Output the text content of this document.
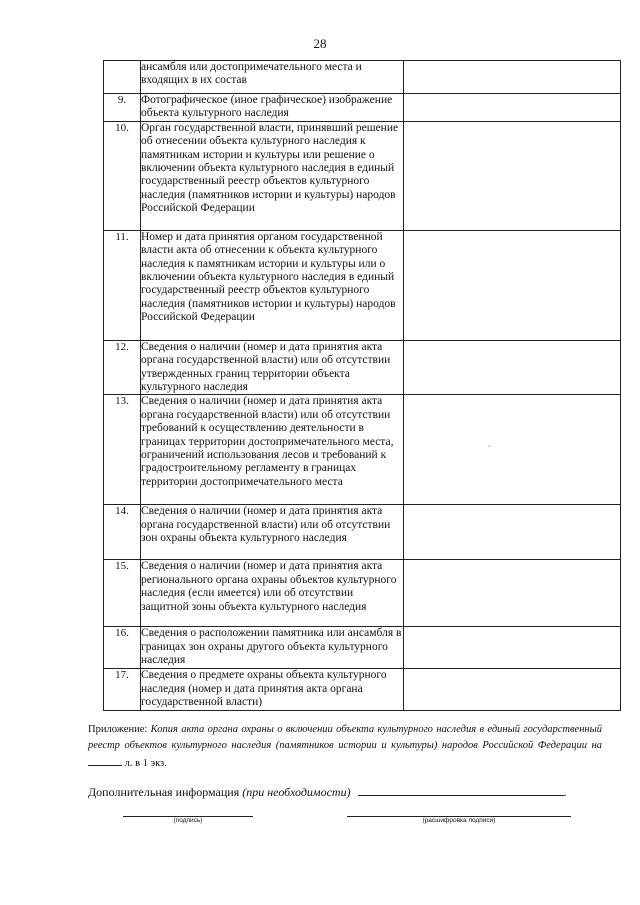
28
	ансамбля или достопримечательного места и входящих в их состав	
9.	Фотографическое (иное графическое) изображение объекта культурного наследия	
10.	Орган государственной власти, принявший решение об отнесении объекта культурного наследия к памятникам истории и культуры или решение о включении объекта культурного наследия в единый государственный реестр объектов культурного наследия (памятников истории и культуры) народов Российской Федерации	
11.	Номер и дата принятия органом государственной власти акта об отнесении к объекта культурного наследия к памятникам истории и культуры или о включении объекта культурного наследия в единый государственный реестр объектов культурного наследия (памятников истории и культуры) народов Российской Федерации	
12.	Сведения о наличии (номер и дата принятия акта органа государственной власти) или об отсутствии утвержденных границ территории объекта культурного наследия	
13.	Сведения о наличии (номер и дата принятия акта органа государственной власти) или об отсутствии требований к осуществлению деятельности в границах территории достопримечательного места, ограничений использования лесов и требований к градостроительному регламенту в границах территории достопримечательного места	
14.	Сведения о наличии (номер и дата принятия акта органа государственной власти) или об отсутствии зон охраны объекта культурного наследия	
15.	Сведения о наличии (номер и дата принятия акта регионального органа охраны объектов культурного наследия (если имеется) или об отсутствии защитной зоны объекта культурного наследия	
16.	Сведения о расположении памятника или ансамбля в границах зон охраны другого объекта культурного наследия	
17.	Сведения о предмете охраны объекта культурного наследия (номер и дата принятия акта органа государственной власти)	
˘
Приложение: Копия акта органа охраны о включении объекта культурного наследия в единый государственный реестр объектов культурного наследия (памятников истории и культуры) народов Российской Федерации на  л. в 1 экз.
Дополнительная информация (при необходимости)	.
(подпись)	(расшифровка подписи)
